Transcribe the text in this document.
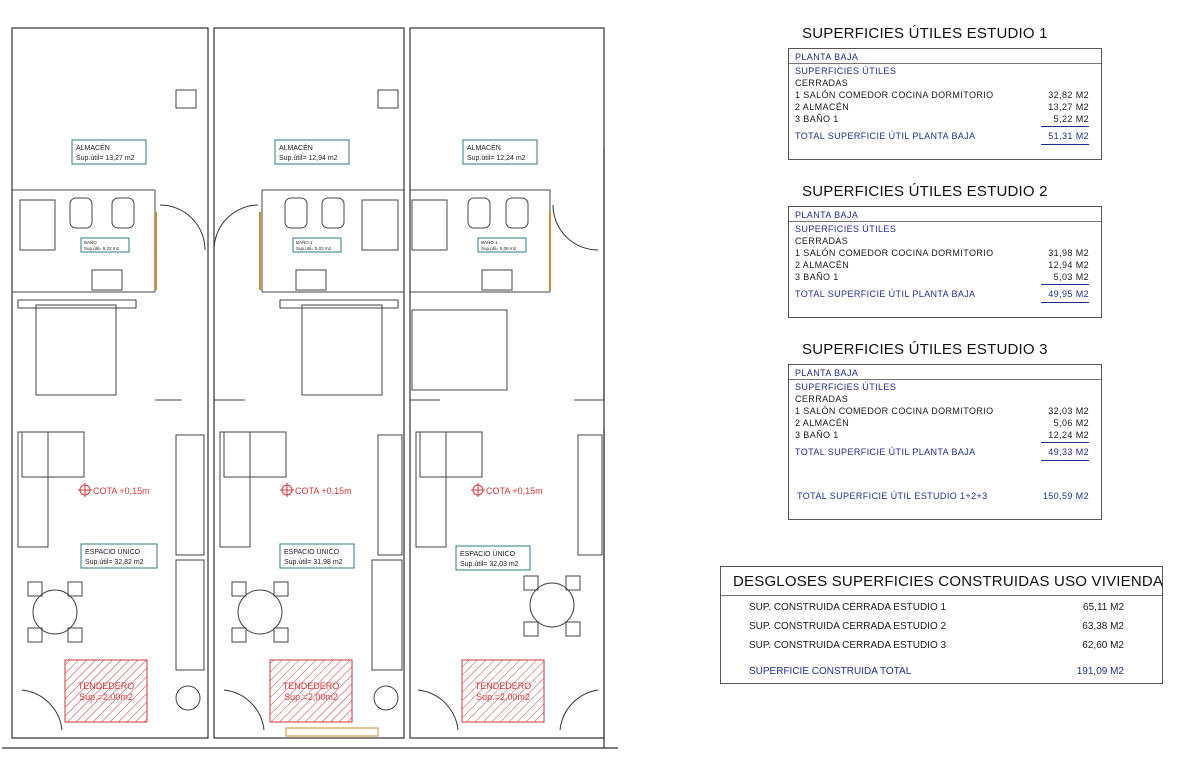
ALMACÉN
Sup.útil= 13,27 m2
BAÑO
Sup.útil= 5,22 m2
COTA +0,15m
ESPACIO ÚNICO
Sup.útil= 32,82 m2
TENDEDERO
Sup.=2,00m2
ALMACÉN
Sup.útil= 12,94 m2
BAÑO 1
Sup.útil= 5,03 m2
COTA +0,15m
ESPACIO ÚNICO
Sup.útil= 31,98 m2
TENDEDERO
Sup.=2,00m2
ALMACÉN
Sup.útil= 12,24 m2
BAÑO 1
Sup.útil= 5,06 m2
COTA +0,15m
ESPACIO ÚNICO
Sup.útil= 32,03 m2
TENDEDERO
Sup.=2,00m2
SUPERFICIES ÚTILES ESTUDIO 1
PLANTA BAJA
SUPERFICIES ÚTILES
CERRADAS
1 SALÓN COMEDOR COCINA DORMITORIO	32,82 M2
2 ALMACÉN	13,27 M2
3 BAÑO 1	5,22 M2
TOTAL SUPERFICIE ÚTIL PLANTA BAJA	51,31 M2
SUPERFICIES ÚTILES ESTUDIO 2
PLANTA BAJA
SUPERFICIES ÚTILES
CERRADAS
1 SALÓN COMEDOR COCINA DORMITORIO	31,98 M2
2 ALMACÉN	12,94 M2
3 BAÑO 1	5,03 M2
TOTAL SUPERFICIE ÚTIL PLANTA BAJA	49,95 M2
SUPERFICIES ÚTILES ESTUDIO 3
PLANTA BAJA
SUPERFICIES ÚTILES
CERRADAS
1 SALÓN COMEDOR COCINA DORMITORIO	32,03 M2
2 ALMACÉN	5,06 M2
3 BAÑO 1	12,24 M2
TOTAL SUPERFICIE ÚTIL PLANTA BAJA	49,33 M2
TOTAL SUPERFICIE ÚTIL ESTUDIO 1+2+3	150,59 M2
DESGLOSES SUPERFICIES CONSTRUIDAS USO VIVIENDA
SUP. CONSTRUIDA CERRADA ESTUDIO 1	65,11 M2
SUP. CONSTRUIDA CERRADA ESTUDIO 2	63,38 M2
SUP. CONSTRUIDA CERRADA ESTUDIO 3	62,60 M2
SUPERFICIE CONSTRUIDA TOTAL	191,09 M2
